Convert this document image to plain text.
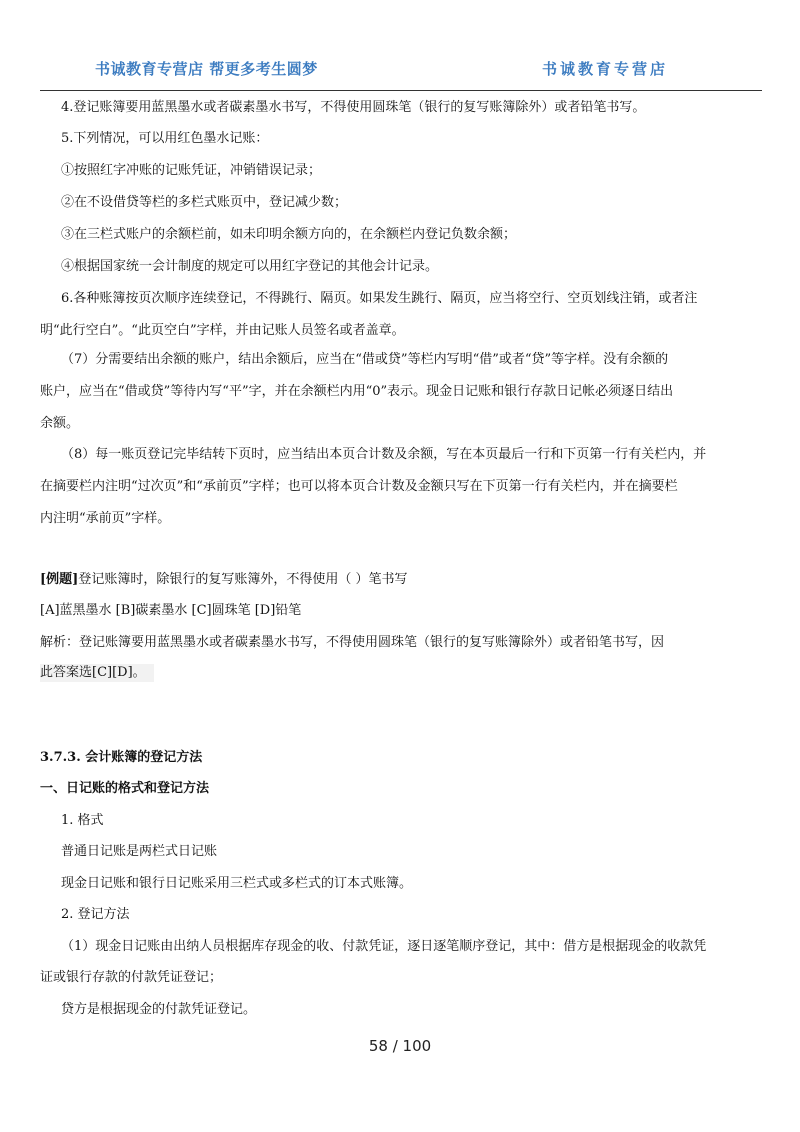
书诚教育专营店 帮更多考生圆梦	书诚教育专营店
4.登记账簿要用蓝黑墨水或者碳素墨水书写，不得使用圆珠笔（银行的复写账簿除外）或者铅笔书写。
5.下列情况，可以用红色墨水记账：
①按照红字冲账的记账凭证，冲销错误记录；
②在不设借贷等栏的多栏式账页中，登记减少数；
③在三栏式账户的余额栏前，如未印明余额方向的，在余额栏内登记负数余额；
④根据国家统一会计制度的规定可以用红字登记的其他会计记录。
6.各种账簿按页次顺序连续登记，不得跳行、隔页。如果发生跳行、隔页，应当将空行、空页划线注销，或者注
明“此行空白”。“此页空白”字样，并由记账人员签名或者盖章。
（7）分需要结出余额的账户，结出余额后，应当在“借或贷”等栏内写明“借”或者“贷”等字样。没有余额的
账户，应当在“借或贷”等待内写“平”字，并在余额栏内用“0”表示。现金日记账和银行存款日记帐必须逐日结出
余额。
（8）每一账页登记完毕结转下页时，应当结出本页合计数及余额，写在本页最后一行和下页第一行有关栏内，并
在摘要栏内注明“过次页”和“承前页”字样；也可以将本页合计数及金额只写在下页第一行有关栏内，并在摘要栏
内注明“承前页”字样。
[例题]登记账簿时，除银行的复写账簿外，不得使用（ ）笔书写
[A]蓝黑墨水 [B]碳素墨水 [C]圆珠笔 [D]铅笔
解析：登记账簿要用蓝黑墨水或者碳素墨水书写，不得使用圆珠笔（银行的复写账簿除外）或者铅笔书写，因
此答案选[C][D]。
3.7.3. 会计账簿的登记方法
一、日记账的格式和登记方法
1. 格式
普通日记账是两栏式日记账
现金日记账和银行日记账采用三栏式或多栏式的订本式账簿。
2. 登记方法
（1）现金日记账由出纳人员根据库存现金的收、付款凭证，逐日逐笔顺序登记，其中：借方是根据现金的收款凭
证或银行存款的付款凭证登记；
贷方是根据现金的付款凭证登记。
58 / 100
